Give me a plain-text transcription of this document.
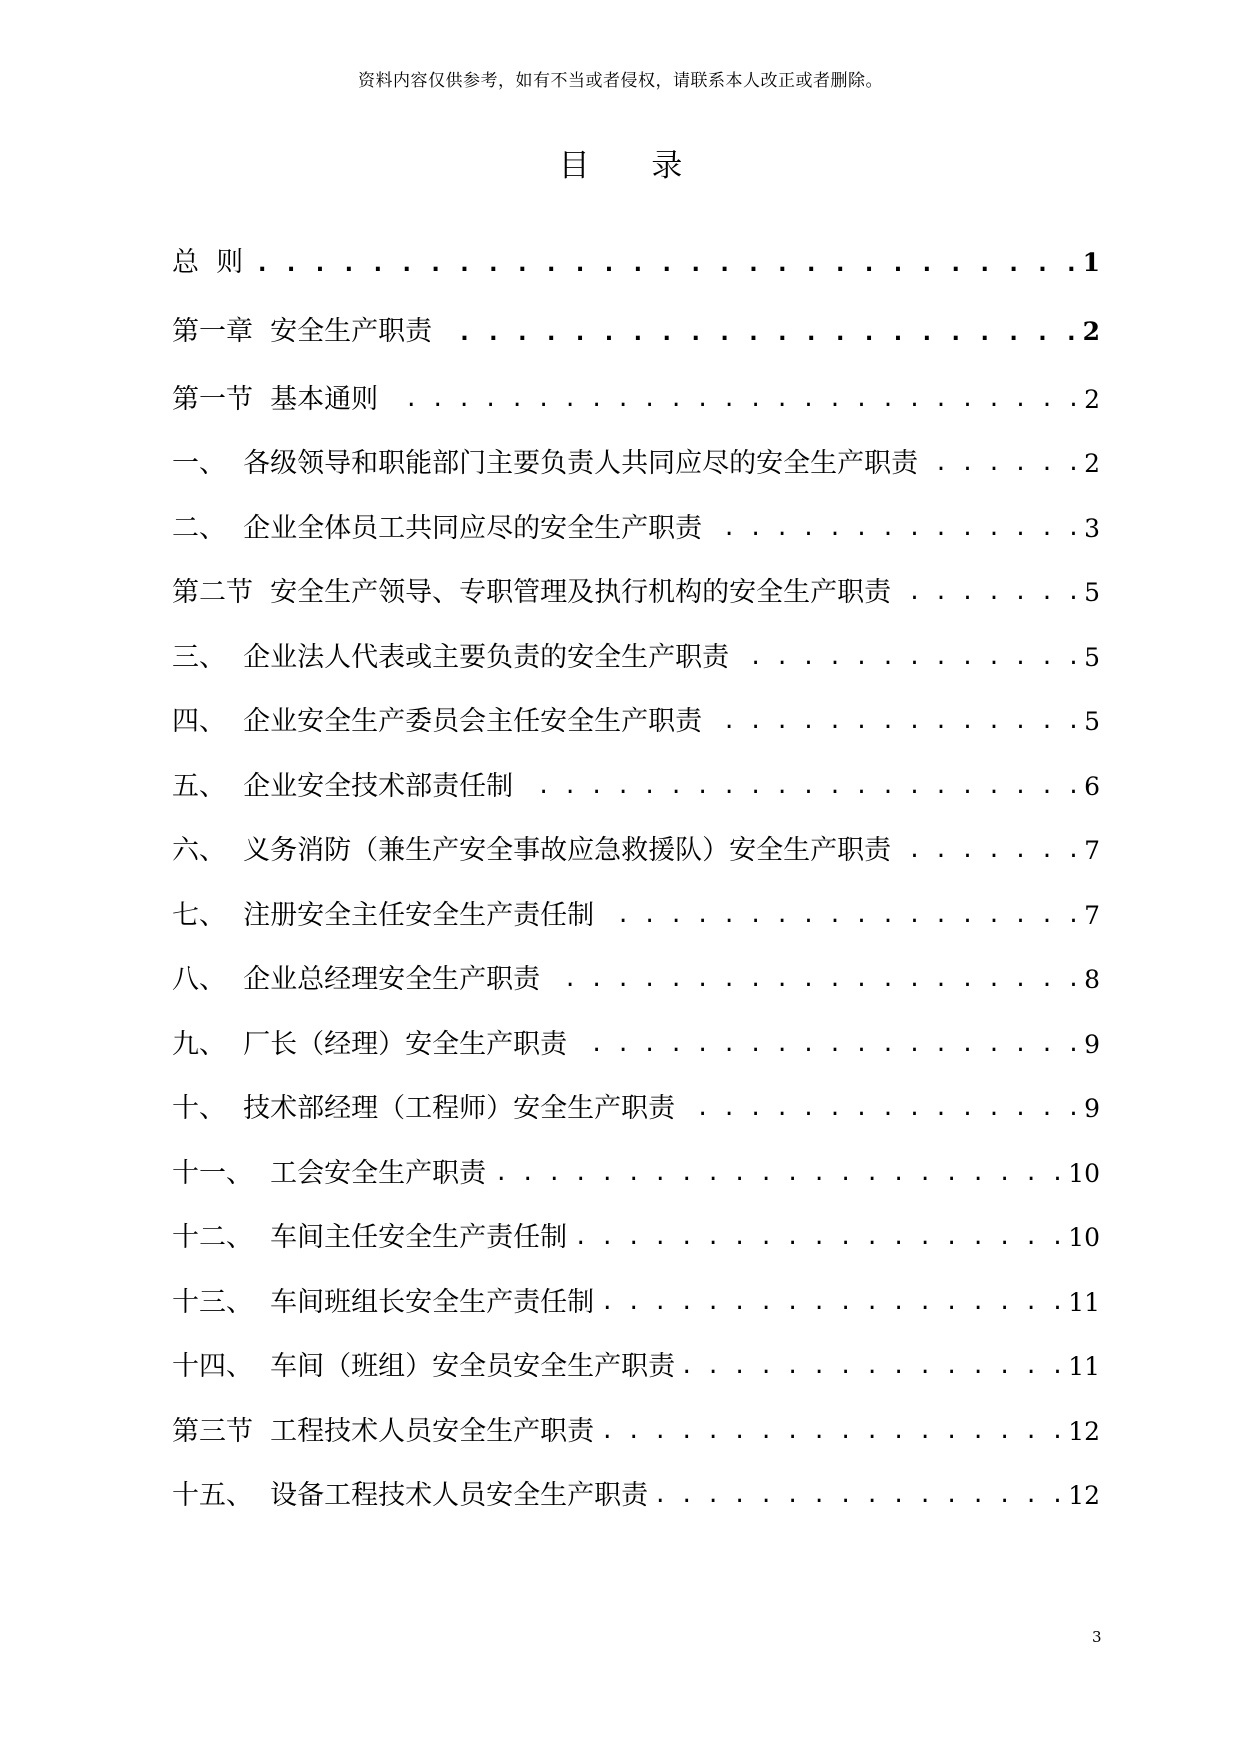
资料内容仅供参考，如有不当或者侵权，请联系本人改正或者删除。
目 录
总  则 . . .	1
第一章  安全生产职责 . . .	2
第一节  基本通则 . . .	2
一、  各级领导和职能部门主要负责人共同应尽的安全生产职责 . . .	2
二、  企业全体员工共同应尽的安全生产职责 . . .	3
第二节  安全生产领导、专职管理及执行机构的安全生产职责 . . .	5
三、  企业法人代表或主要负责的安全生产职责 . . .	5
四、  企业安全生产委员会主任安全生产职责 . . .	5
五、  企业安全技术部责任制 . . .	6
六、  义务消防（兼生产安全事故应急救援队）安全生产职责 . . .	7
七、  注册安全主任安全生产责任制 . . .	7
八、  企业总经理安全生产职责 . . .	8
九、  厂长（经理）安全生产职责 . . .	9
十、  技术部经理（工程师）安全生产职责 . . .	9
十一、  工会安全生产职责 . . .	10
十二、  车间主任安全生产责任制 . . .	10
十三、  车间班组长安全生产责任制 . . .	11
十四、  车间（班组）安全员安全生产职责 . . .	11
第三节  工程技术人员安全生产职责 . . .	12
十五、  设备工程技术人员安全生产职责 . . .	12
3
